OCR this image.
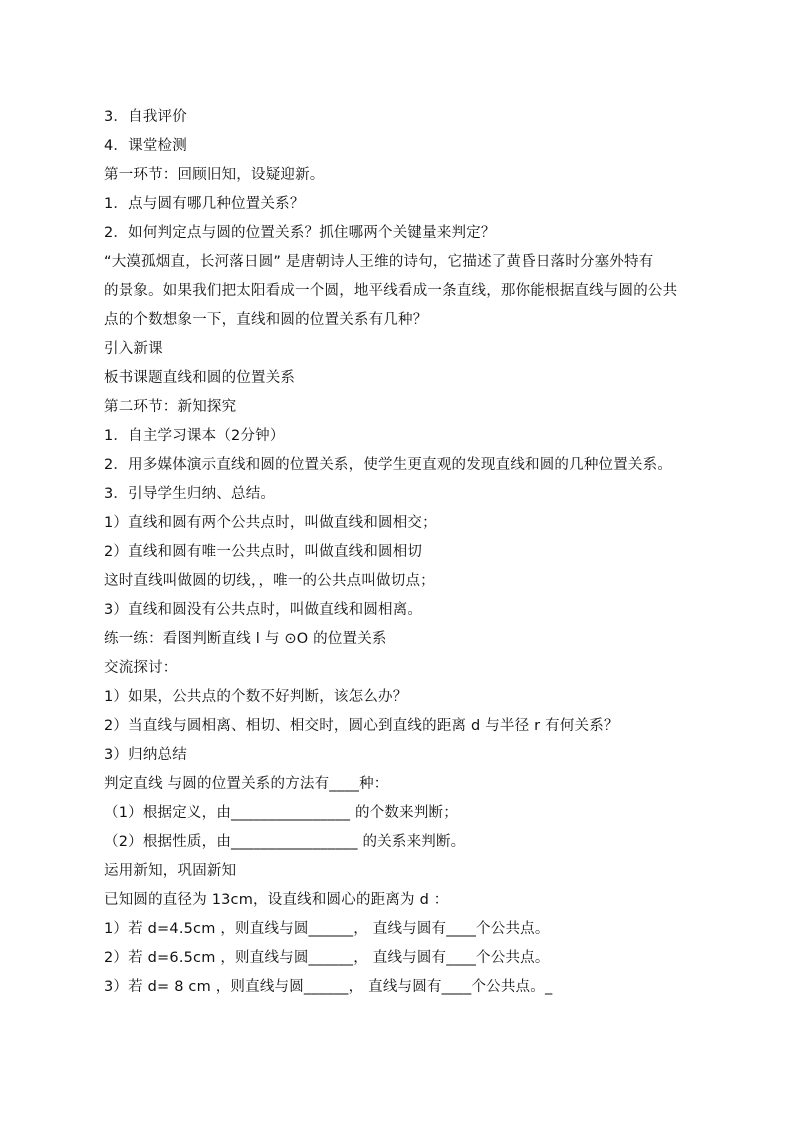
3．自我评价
4．课堂检测
第一环节：回顾旧知，设疑迎新。
1．点与圆有哪几种位置关系？
2．如何判定点与圆的位置关系？抓住哪两个关键量来判定？
“大漠孤烟直，长河落日圆” 是唐朝诗人王维的诗句，它描述了黄昏日落时分塞外特有
的景象。如果我们把太阳看成一个圆，地平线看成一条直线，那你能根据直线与圆的公共
点的个数想象一下，直线和圆的位置关系有几种？
引入新课
板书课题直线和圆的位置关系
第二环节：新知探究
1．自主学习课本（2分钟）
2．用多媒体演示直线和圆的位置关系，使学生更直观的发现直线和圆的几种位置关系。
3．引导学生归纳、总结。
1）直线和圆有两个公共点时，叫做直线和圆相交；
2）直线和圆有唯一公共点时，叫做直线和圆相切
这时直线叫做圆的切线，，唯一的公共点叫做切点；
3）直线和圆没有公共点时，叫做直线和圆相离。
练一练：看图判断直线 l 与 ⊙O 的位置关系
交流探讨：
1）如果，公共点的个数不好判断，该怎么办？
2）当直线与圆相离、相切、相交时，圆心到直线的距离 d 与半径 r 有何关系？
3）归纳总结
判定直线 与圆的位置关系的方法有____种：
（1）根据定义，由________________ 的个数来判断；
（2）根据性质，由_________________ 的关系来判断。
运用新知，巩固新知
已知圆的直径为 13cm，设直线和圆心的距离为 d ：
1）若 d=4.5cm ，则直线与圆______， 直线与圆有____个公共点。
2）若 d=6.5cm ，则直线与圆______， 直线与圆有____个公共点。
3）若 d= 8 cm ，则直线与圆______， 直线与圆有____个公共点。_
